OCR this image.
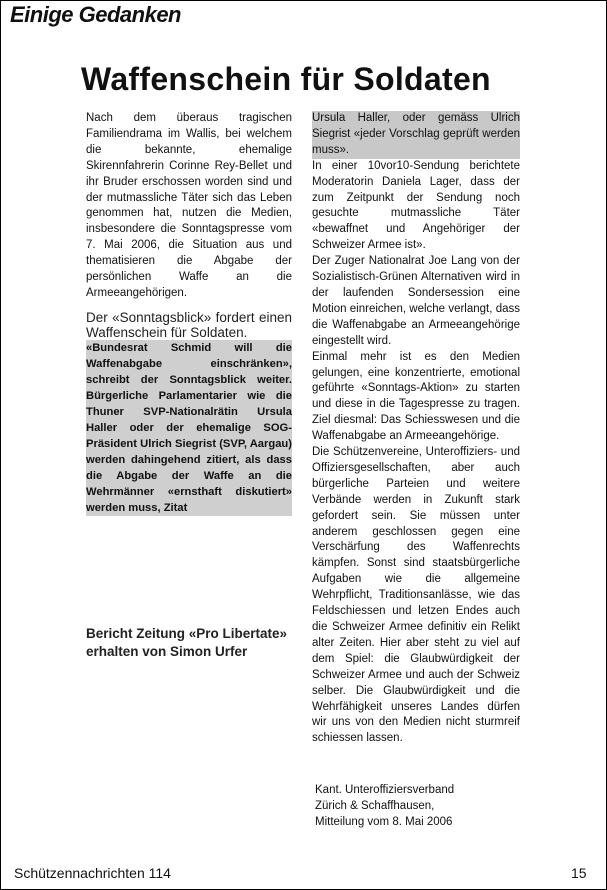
Einige Gedanken
Waffenschein für Soldaten

Nach dem überaus tragischen Familiendrama im Wallis, bei welchem die bekannte, ehemalige Skirennfahrerin Corinne Rey-Bellet und ihr Bruder erschossen worden sind und der mutmassliche Täter sich das Leben genommen hat, nutzen die Medien, insbesondere die Sonntagspresse vom 7. Mai 2006, die Situation aus und thematisieren die Abgabe der persönlichen Waffe an die Armeeangehörigen.

Der «Sonntagsblick» fordert einen Waffenschein für Soldaten.

«Bundesrat Schmid will die Waffenabgabe einschränken», schreibt der Sonntagsblick weiter. Bürgerliche Parlamentarier wie die Thuner SVP-Nationalrätin Ursula Haller oder der ehemalige SOG-Präsident Ulrich Siegrist (SVP, Aargau) werden dahingehend zitiert, als dass die Abgabe der Waffe an die Wehrmänner «ernsthaft diskutiert» werden muss, Zitat

Ursula Haller, oder gemäss Ulrich Siegrist «jeder Vorschlag geprüft werden muss».

In einer 10vor10-Sendung berichtete Moderatorin Daniela Lager, dass der zum Zeitpunkt der Sendung noch gesuchte mutmassliche Täter «bewaffnet und Angehöriger der Schweizer Armee ist».

Der Zuger Nationalrat Joe Lang von der Sozialistisch-Grünen Alternativen wird in der laufenden Sondersession eine Motion einreichen, welche verlangt, dass die Waffenabgabe an Armeeangehörige eingestellt wird.

Einmal mehr ist es den Medien gelungen, eine konzentrierte, emotional geführte «Sonntags-Aktion» zu starten und diese in die Tagespresse zu tragen. Ziel diesmal: Das Schiesswesen und die Waffenabgabe an Armeeangehörige.

Die Schützenvereine, Unteroffiziers- und Offiziersgesellschaften, aber auch bürgerliche Parteien und weitere Verbände werden in Zukunft stark gefordert sein. Sie müssen unter anderem geschlossen gegen eine Verschärfung des Waffenrechts kämpfen. Sonst sind staatsbürgerliche Aufgaben wie die allgemeine Wehrpflicht, Traditionsanlässe, wie das Feldschiessen und letzen Endes auch die Schweizer Armee definitiv ein Relikt alter Zeiten. Hier aber steht zu viel auf dem Spiel: die Glaubwürdigkeit der Schweizer Armee und auch der Schweiz selber. Die Glaubwürdigkeit und die Wehrfähigkeit unseres Landes dürfen wir uns von den Medien nicht sturmreif schiessen lassen.

Bericht Zeitung «Pro Libertate» erhalten von Simon Urfer
Kant. Unteroffiziersverband
Zürich & Schaffhausen,
Mitteilung vom 8. Mai 2006
Schützennachrichten 114	15
